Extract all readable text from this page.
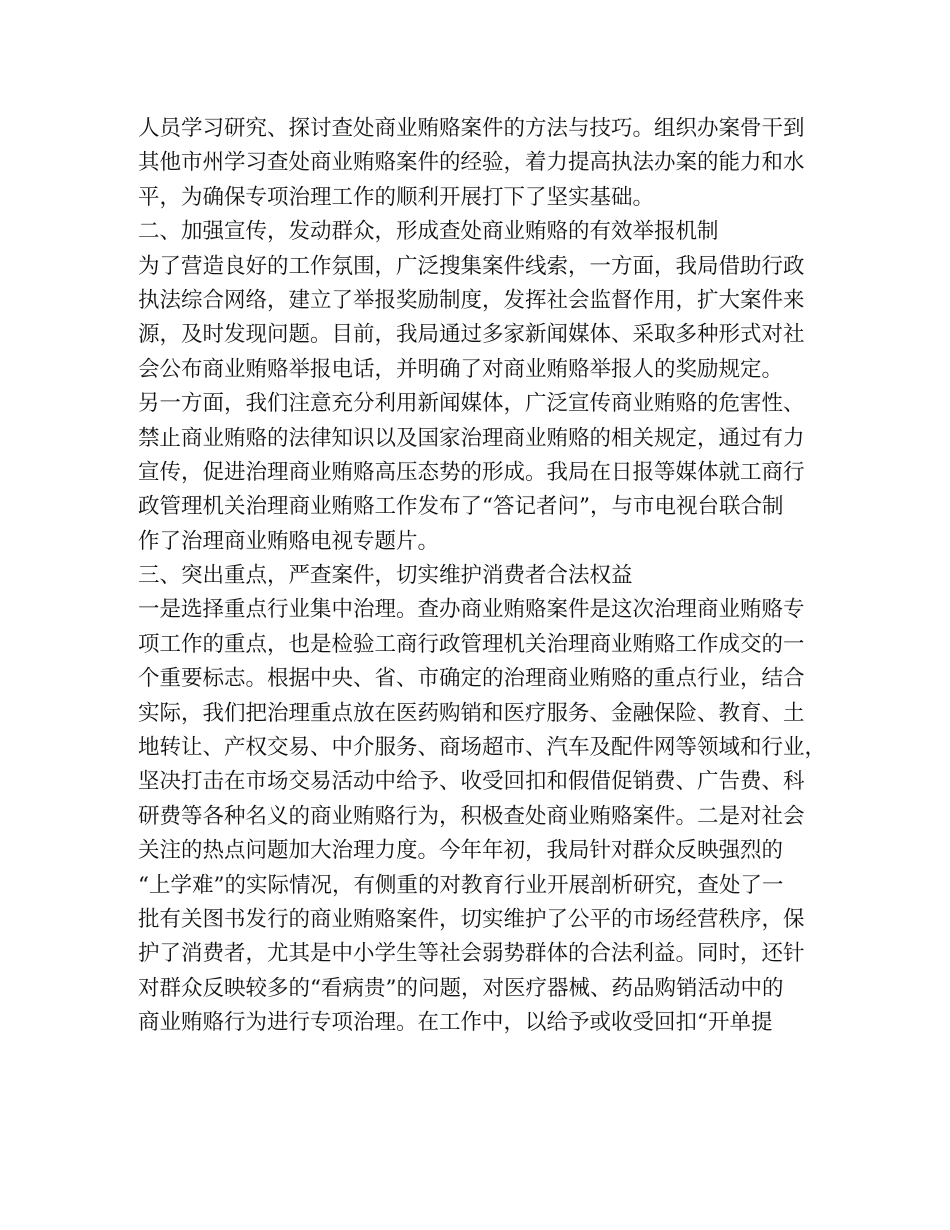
人员学习研究、探讨查处商业贿赂案件的方法与技巧。组织办案骨干到
其他市州学习查处商业贿赂案件的经验，着力提高执法办案的能力和水
平，为确保专项治理工作的顺利开展打下了坚实基础。
二、加强宣传，发动群众，形成查处商业贿赂的有效举报机制
为了营造良好的工作氛围，广泛搜集案件线索，一方面，我局借助行政
执法综合网络，建立了举报奖励制度，发挥社会监督作用，扩大案件来
源，及时发现问题。目前，我局通过多家新闻媒体、采取多种形式对社
会公布商业贿赂举报电话，并明确了对商业贿赂举报人的奖励规定。
另一方面，我们注意充分利用新闻媒体，广泛宣传商业贿赂的危害性、
禁止商业贿赂的法律知识以及国家治理商业贿赂的相关规定，通过有力
宣传，促进治理商业贿赂高压态势的形成。我局在日报等媒体就工商行
政管理机关治理商业贿赂工作发布了“答记者问”，与市电视台联合制
作了治理商业贿赂电视专题片。
三、突出重点，严查案件，切实维护消费者合法权益
一是选择重点行业集中治理。查办商业贿赂案件是这次治理商业贿赂专
项工作的重点，也是检验工商行政管理机关治理商业贿赂工作成交的一
个重要标志。根据中央、省、市确定的治理商业贿赂的重点行业，结合
实际，我们把治理重点放在医药购销和医疗服务、金融保险、教育、土
地转让、产权交易、中介服务、商场超市、汽车及配件网等领域和行业，
坚决打击在市场交易活动中给予、收受回扣和假借促销费、广告费、科
研费等各种名义的商业贿赂行为，积极查处商业贿赂案件。二是对社会
关注的热点问题加大治理力度。今年年初，我局针对群众反映强烈的
“上学难”的实际情况，有侧重的对教育行业开展剖析研究，查处了一
批有关图书发行的商业贿赂案件，切实维护了公平的市场经营秩序，保
护了消费者，尤其是中小学生等社会弱势群体的合法利益。同时，还针
对群众反映较多的“看病贵”的问题，对医疗器械、药品购销活动中的
商业贿赂行为进行专项治理。在工作中，以给予或收受回扣“开单提
